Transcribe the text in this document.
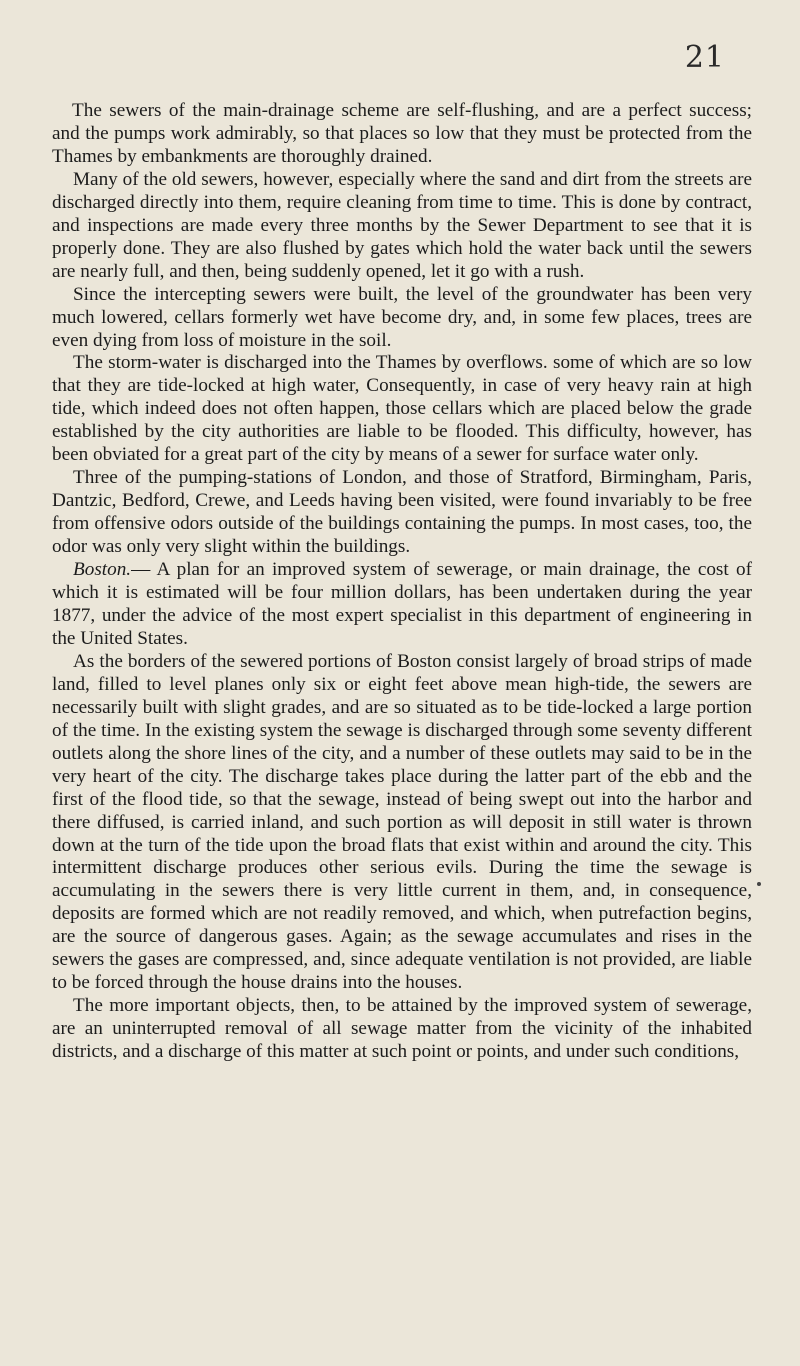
21

The sewers of the main-drainage scheme are self-flushing, and are a perfect success; and the pumps work admirably, so that places so low that they must be protected from the Thames by embankments are thoroughly drained.

Many of the old sewers, however, especially where the sand and dirt from the streets are discharged directly into them, require cleaning from time to time. This is done by contract, and inspections are made every three months by the Sewer Department to see that it is properly done. They are also flushed by gates which hold the water back until the sewers are nearly full, and then, being suddenly opened, let it go with a rush.

Since the intercepting sewers were built, the level of the groundwater has been very much lowered, cellars formerly wet have become dry, and, in some few places, trees are even dying from loss of moisture in the soil.

The storm-water is discharged into the Thames by overflows. some of which are so low that they are tide-locked at high water, Consequently, in case of very heavy rain at high tide, which indeed does not often happen, those cellars which are placed below the grade established by the city authorities are liable to be flooded. This difficulty, however, has been obviated for a great part of the city by means of a sewer for surface water only.

Three of the pumping-stations of London, and those of Stratford, Birmingham, Paris, Dantzic, Bedford, Crewe, and Leeds having been visited, were found invariably to be free from offensive odors outside of the buildings containing the pumps. In most cases, too, the odor was only very slight within the buildings.

Boston.— A plan for an improved system of sewerage, or main drainage, the cost of which it is estimated will be four million dollars, has been undertaken during the year 1877, under the advice of the most expert specialist in this department of engineering in the United States.

As the borders of the sewered portions of Boston consist largely of broad strips of made land, filled to level planes only six or eight feet above mean high-tide, the sewers are necessarily built with slight grades, and are so situated as to be tide-locked a large portion of the time. In the existing system the sewage is discharged through some seventy different outlets along the shore lines of the city, and a number of these outlets may said to be in the very heart of the city. The discharge takes place during the latter part of the ebb and the first of the flood tide, so that the sewage, instead of being swept out into the harbor and there diffused, is carried inland, and such portion as will deposit in still water is thrown down at the turn of the tide upon the broad flats that exist within and around the city. This intermittent discharge produces other serious evils. During the time the sewage is accumulating in the sewers there is very little current in them, and, in consequence, deposits are formed which are not readily removed, and which, when putrefaction begins, are the source of dangerous gases. Again; as the sewage accumulates and rises in the sewers the gases are compressed, and, since adequate ventilation is not provided, are liable to be forced through the house drains into the houses.

The more important objects, then, to be attained by the improved system of sewerage, are an uninterrupted removal of all sewage matter from the vicinity of the inhabited districts, and a discharge of this matter at such point or points, and under such conditions,
